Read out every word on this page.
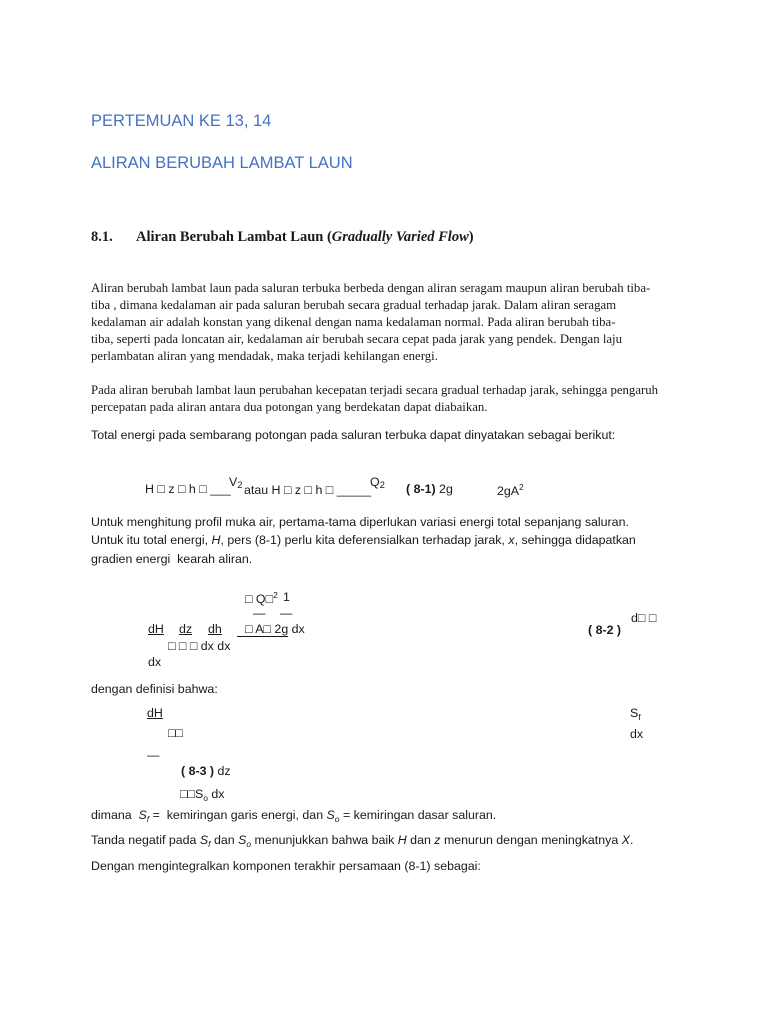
PERTEMUAN KE 13, 14
ALIRAN BERUBAH LAMBAT LAUN
8.1. Aliran Berubah Lambat Laun (Gradually Varied Flow)
Aliran berubah lambat laun pada saluran terbuka berbeda dengan aliran seragam maupun aliran berubah tiba-
tiba , dimana kedalaman air pada saluran berubah secara gradual terhadap jarak. Dalam aliran seragam
kedalaman air adalah konstan yang dikenal dengan nama kedalaman normal. Pada aliran berubah tiba-
tiba, seperti pada loncatan air, kedalaman air berubah secara cepat pada jarak yang pendek. Dengan laju
perlambatan aliran yang mendadak, maka terjadi kehilangan energi.
Pada aliran berubah lambat laun perubahan kecepatan terjadi secara gradual terhadap jarak, sehingga pengaruh
percepatan pada aliran antara dua potongan yang berdekatan dapat diabaikan.
Total energi pada sembarang potongan pada saluran terbuka dapat dinyatakan sebagai berikut:
H □ z □ h □ ___
V2 atau H □ z □ h □ _____
Q2 ( 8-1) 2g	$2gA^2$
Untuk menghitung profil muka air, pertama-tama diperlukan variasi energi total sepanjang saluran.
Untuk itu total energi, H, pers (8-1) perlu kita deferensialkan terhadap jarak, x, sehingga didapatkan
gradien energi  kearah aliran.
□ Q□$^2$ 1
— —	d□ □
dH dz dh	□ A□ 2g dx	( 8-2 )
□ □ □ dx dx
dx
dengan definisi bahwa:
dH	$S_f$
□□	dx
—
( 8-3 ) dz
$□□S_o$ dx
dimana  $S_f$ =  kemiringan garis energi, dan $S_o$ = kemiringan dasar saluran.
Tanda negatif pada $S_f$ dan $S_o$ menunjukkan bahwa baik H dan z menurun dengan meningkatnya X.
Dengan mengintegralkan komponen terakhir persamaan (8-1) sebagai:
